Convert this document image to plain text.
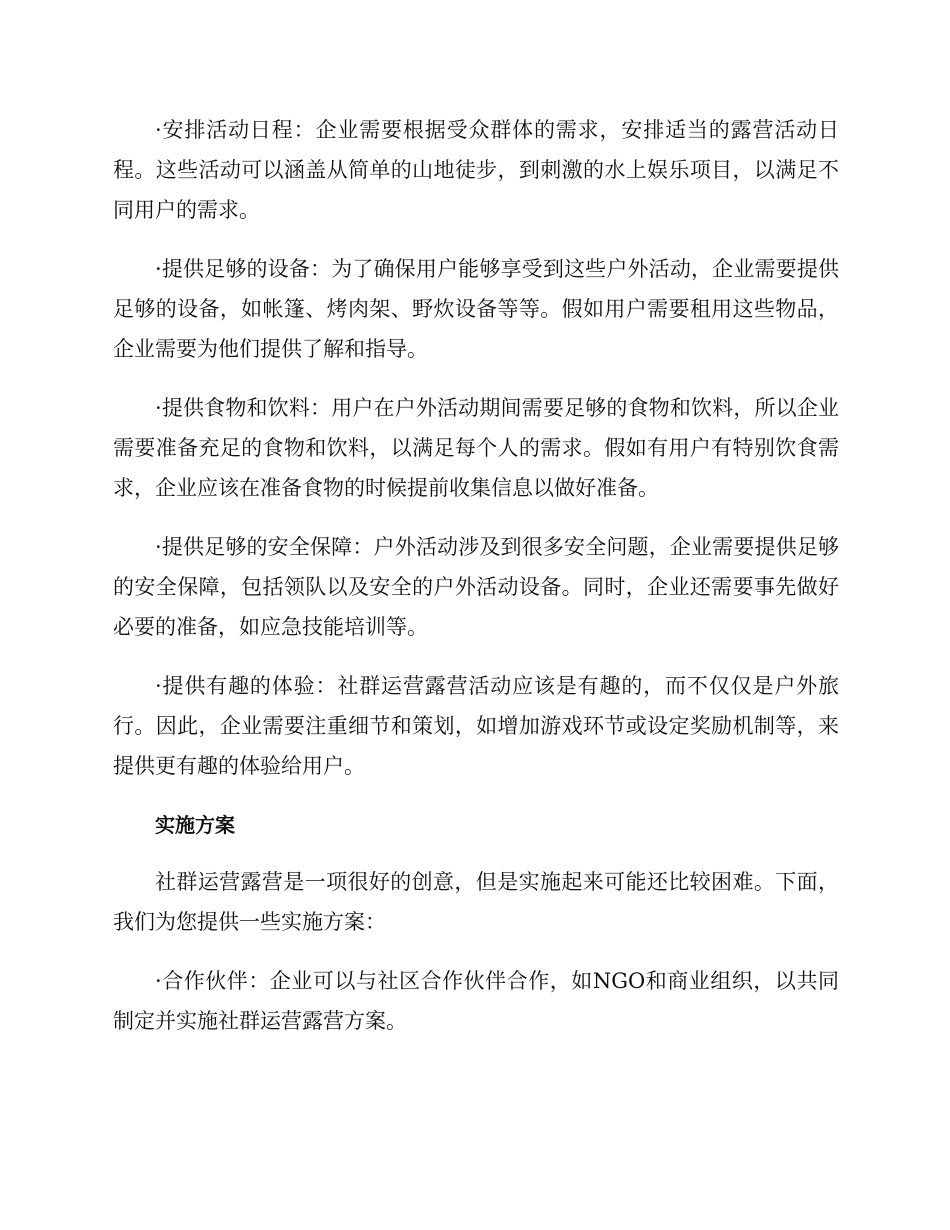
·安排活动日程：企业需要根据受众群体的需求，安排适当的露营活动日程。这些活动可以涵盖从简单的山地徒步，到刺激的水上娱乐项目，以满足不同用户的需求。

·提供足够的设备：为了确保用户能够享受到这些户外活动，企业需要提供足够的设备，如帐篷、烤肉架、野炊设备等等。假如用户需要租用这些物品，企业需要为他们提供了解和指导。

·提供食物和饮料：用户在户外活动期间需要足够的食物和饮料，所以企业需要准备充足的食物和饮料，以满足每个人的需求。假如有用户有特别饮食需求，企业应该在准备食物的时候提前收集信息以做好准备。

·提供足够的安全保障：户外活动涉及到很多安全问题，企业需要提供足够的安全保障，包括领队以及安全的户外活动设备。同时，企业还需要事先做好必要的准备，如应急技能培训等。

·提供有趣的体验：社群运营露营活动应该是有趣的，而不仅仅是户外旅行。因此，企业需要注重细节和策划，如增加游戏环节或设定奖励机制等，来提供更有趣的体验给用户。

实施方案

社群运营露营是一项很好的创意，但是实施起来可能还比较困难。下面，我们为您提供一些实施方案：

·合作伙伴：企业可以与社区合作伙伴合作，如NGO和商业组织，以共同制定并实施社群运营露营方案。
